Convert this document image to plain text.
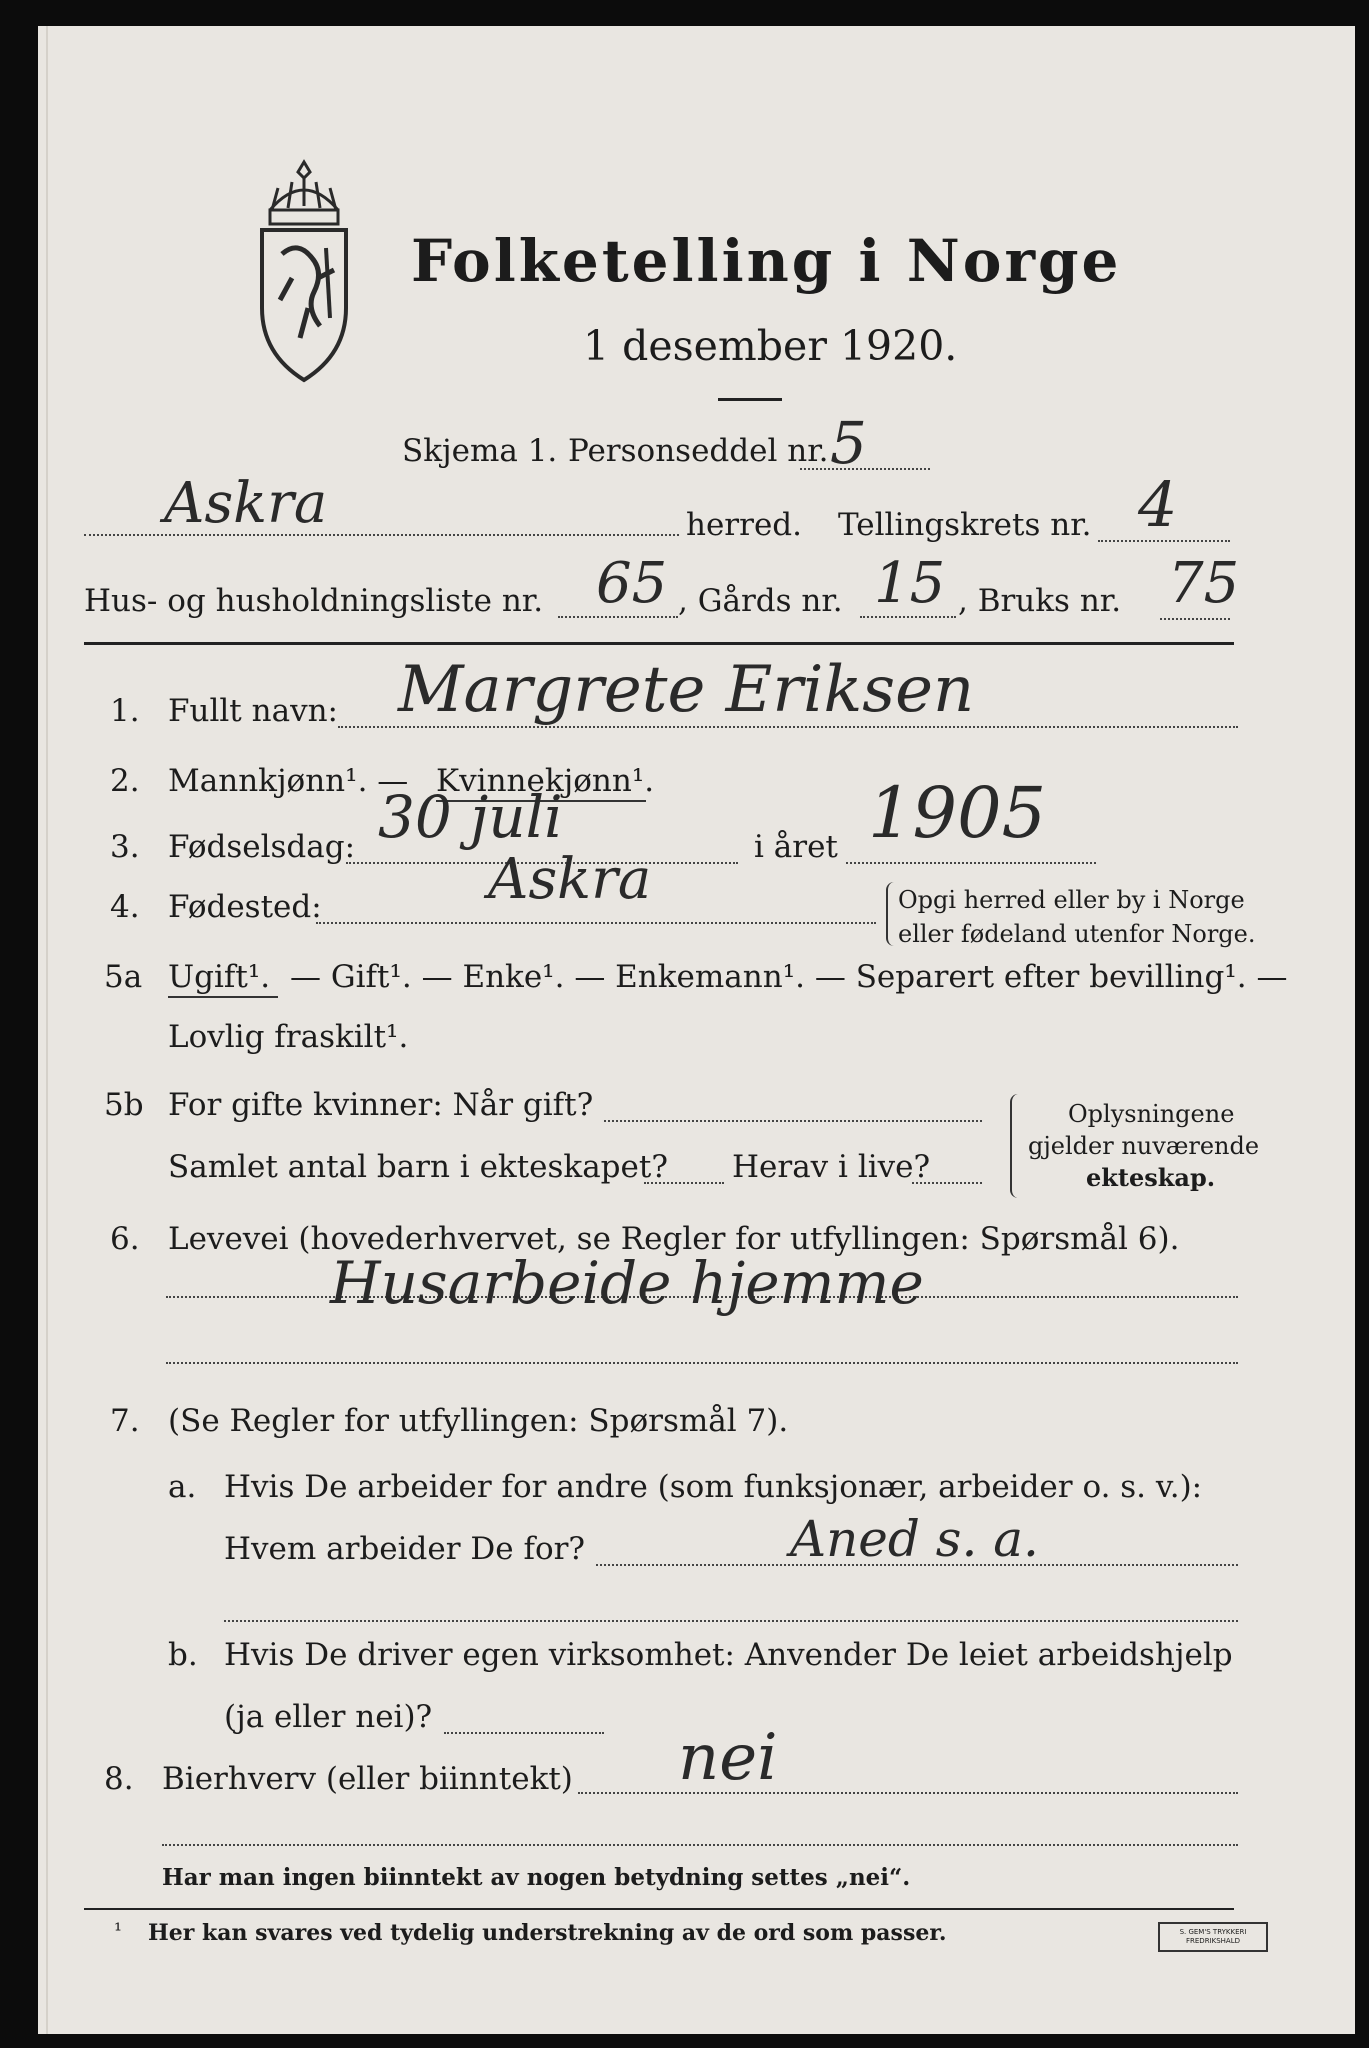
Folketelling i Norge
1 desember 1920.
Skjema 1. Personseddel nr. 5
Askra	herred. Tellingskrets nr. 4
Hus- og husholdningsliste nr. 65 , Gårds nr. 15 , Bruks nr. 75
1. Fullt navn: Margrete Eriksen
2. Mannkjønn¹. — Kvinnekjønn¹.
3. Fødselsdag: 30 juli	i året 1905
4. Fødested:	Askra	Opgi herred eller by i Norge
eller fødeland utenfor Norge.
5a Ugift¹. — Gift¹. — Enke¹. — Enkemann¹. — Separert efter bevilling¹. —
Lovlig fraskilt¹.
5b For gifte kvinner: Når gift?
Samlet antal barn i ekteskapet? Herav i live?
Oplysningene
gjelder nuværende
ekteskap.
6. Levevei (hovederhvervet, se Regler for utfyllingen: Spørsmål 6).
Husarbeide hjemme
7. (Se Regler for utfyllingen: Spørsmål 7).
a. Hvis De arbeider for andre (som funksjonær, arbeider o. s. v.):
Hvem arbeider De for?	Aned s. a.
b. Hvis De driver egen virksomhet: Anvender De leiet arbeidshjelp
(ja eller nei)?
8. Bierhverv (eller biinntekt) nei
Har man ingen biinntekt av nogen betydning settes „nei“.
¹ Her kan svares ved tydelig understrekning av de ord som passer.	S. GEM'S TRYKKERI
FREDRIKSHALD
